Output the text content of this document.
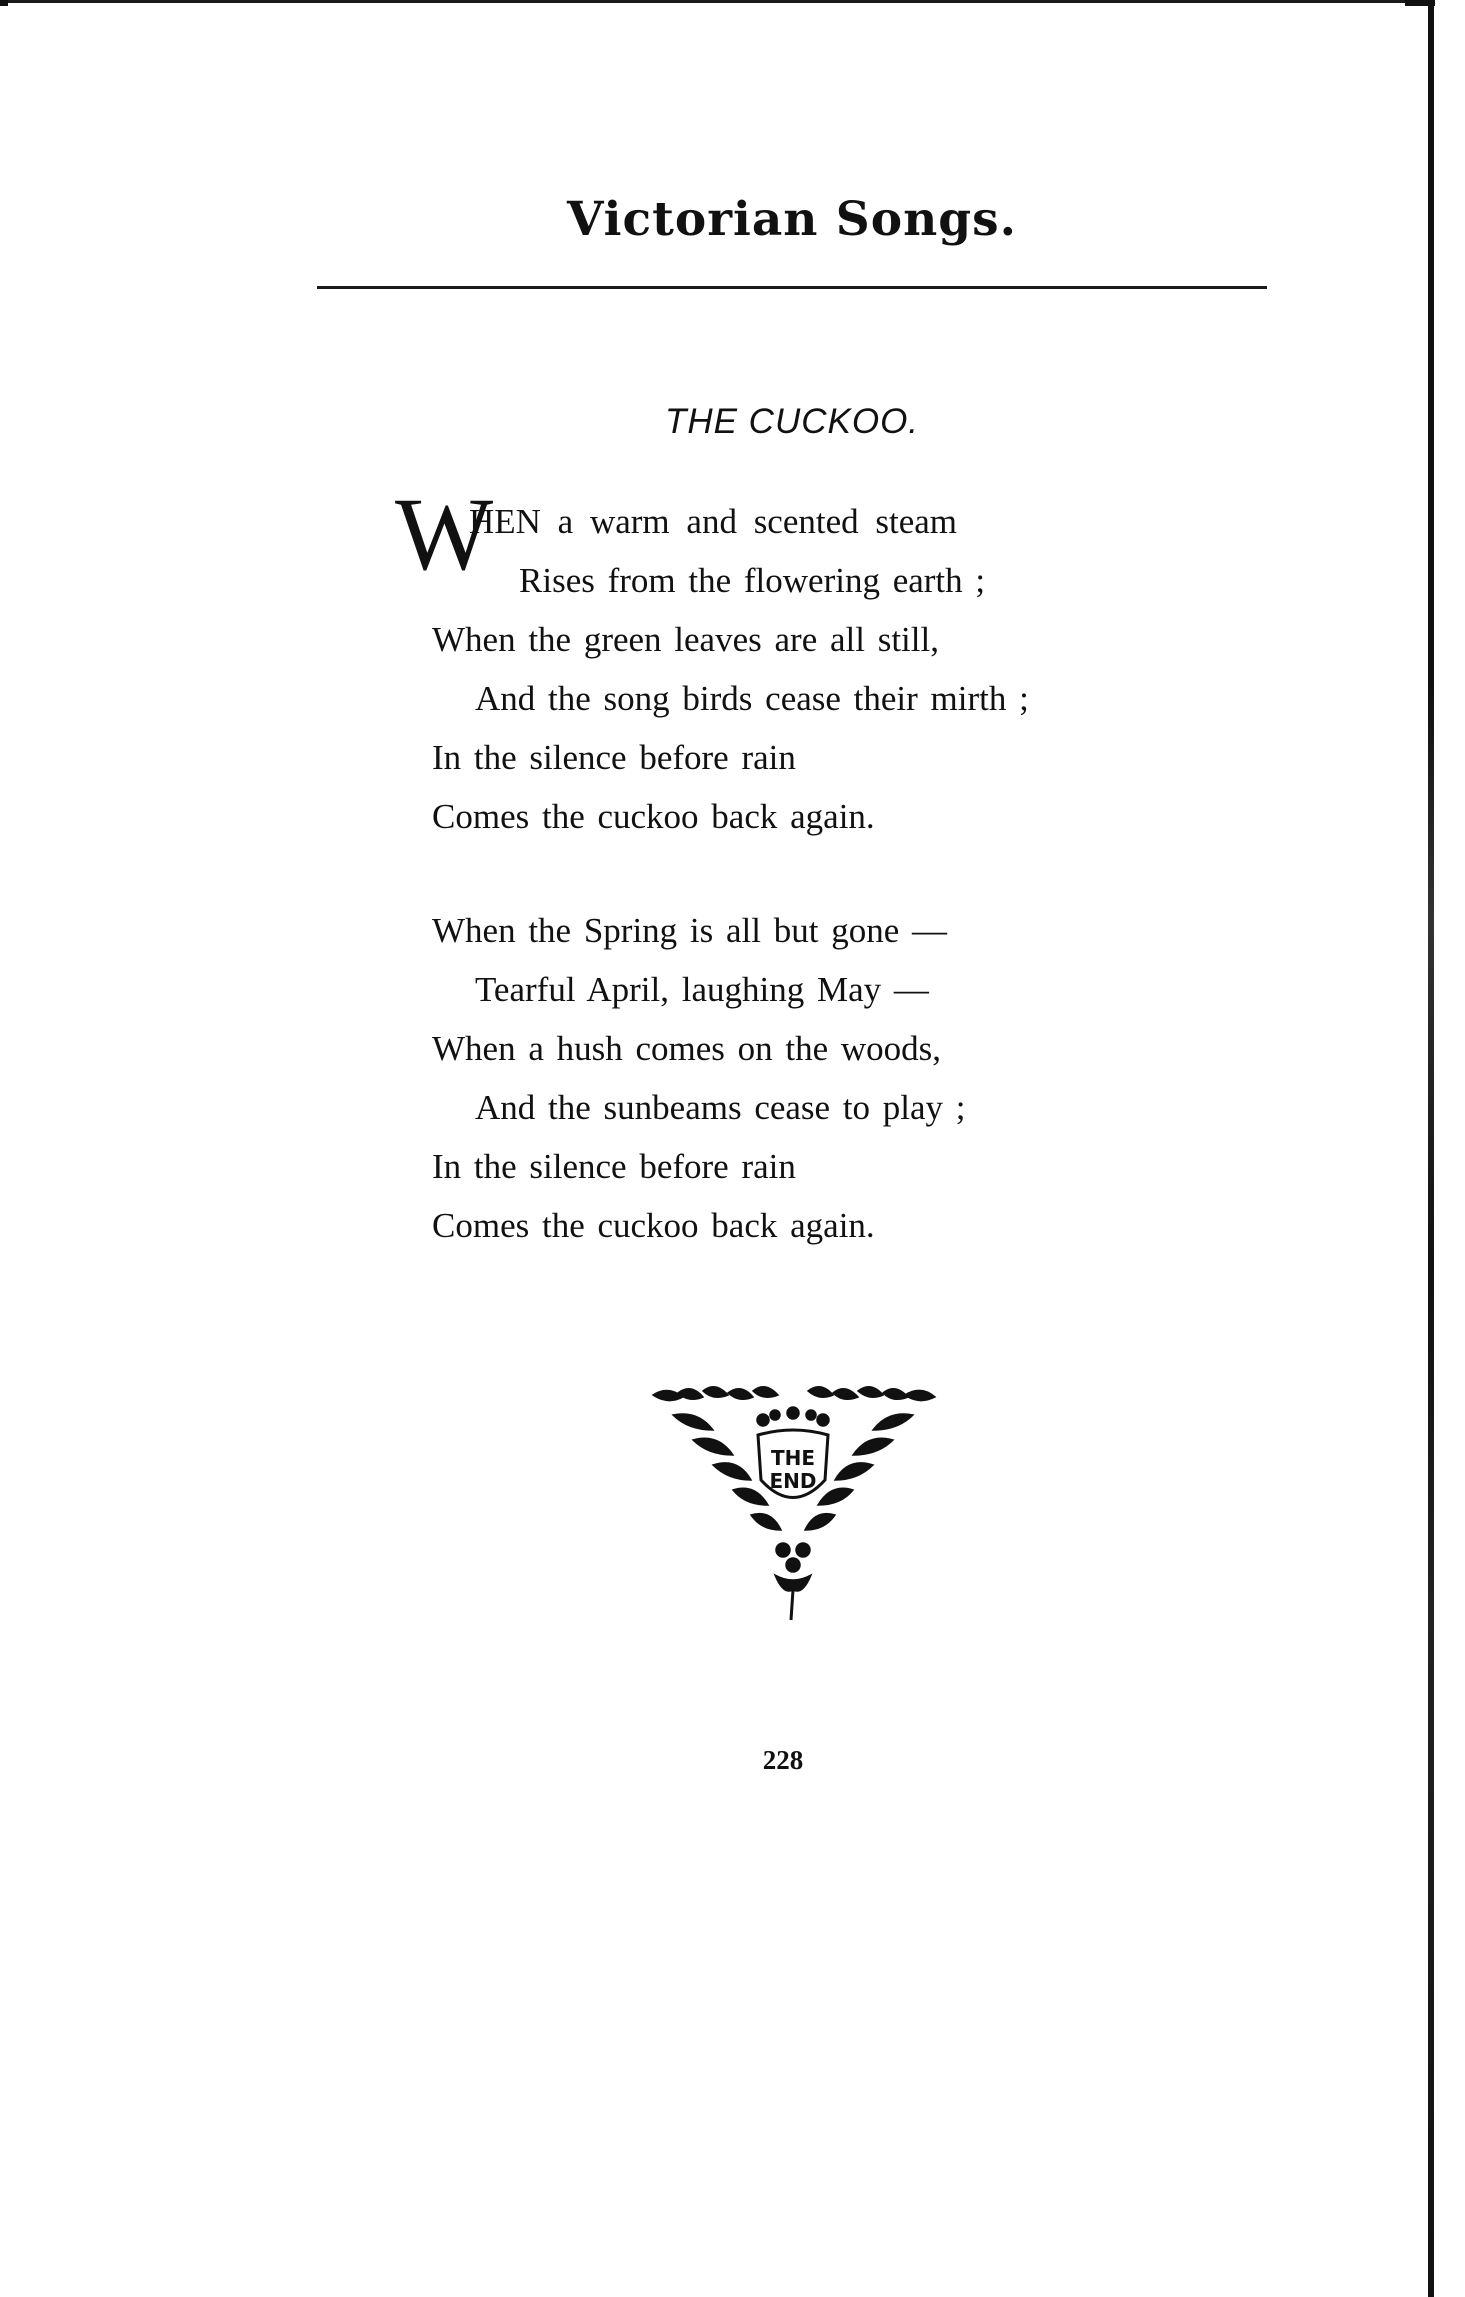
Victorian Songs.
THE CUCKOO.
W
HEN a warm and scented steam
Rises from the flowering earth ;
When the green leaves are all still,
And the song birds cease their mirth ;
In the silence before rain
Comes the cuckoo back again.
When the Spring is all but gone —
Tearful April, laughing May —
When a hush comes on the woods,
And the sunbeams cease to play ;
In the silence before rain
Comes the cuckoo back again.
THE
END
228
